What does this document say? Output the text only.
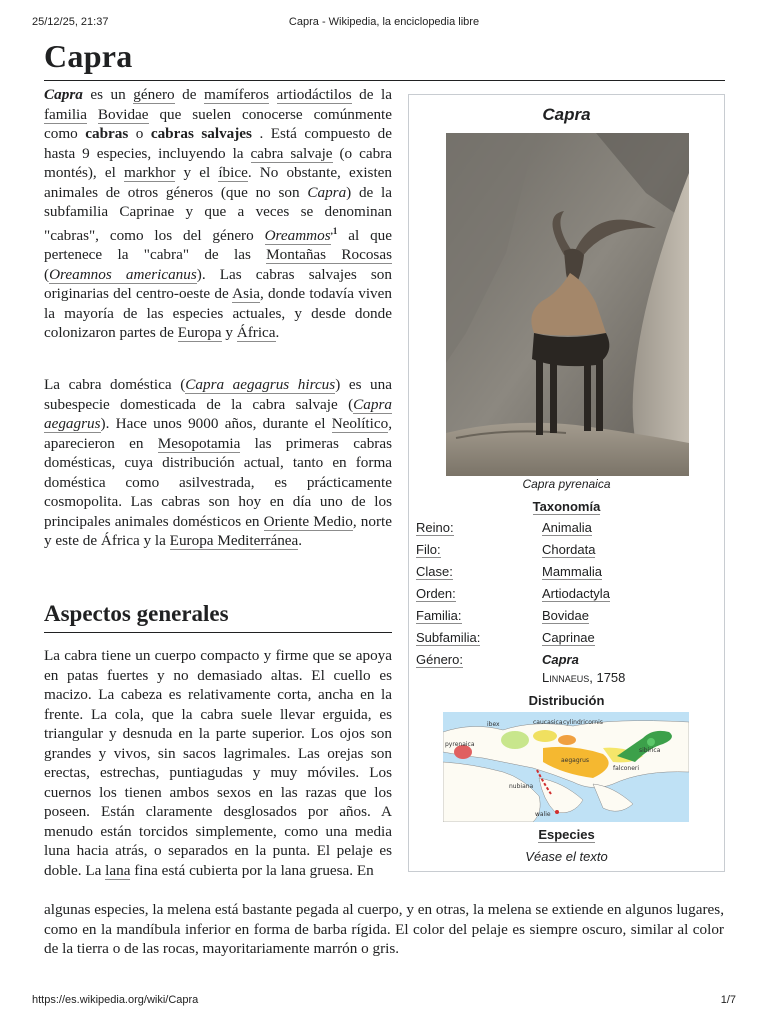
25/12/25, 21:37	Capra - Wikipedia, la enciclopedia libre
Capra

Capra es un género de mamíferos artiodáctilos de la familia Bovidae que suelen conocerse comúnmente como cabras o cabras salvajes . Está compuesto de hasta 9 especies, incluyendo la cabra salvaje (o cabra montés), el markhor y el íbice. No obstante, existen animales de otros géneros (que no son Capra) de la subfamilia Caprinae y que a veces se denominan "cabras", como los del género Oreammos$^{,1}$ al que pertenece la "cabra" de las Montañas Rocosas (Oreamnos americanus). Las cabras salvajes son originarias del centro-oeste de Asia, donde todavía viven la mayoría de las especies actuales, y desde donde colonizaron partes de Europa y África.

La cabra doméstica (Capra aegagrus hircus) es una subespecie domesticada de la cabra salvaje (Capra aegagrus). Hace unos 9000 años, durante el Neolítico, aparecieron en Mesopotamia las primeras cabras domésticas, cuya distribución actual, tanto en forma doméstica como asilvestrada, es prácticamente cosmopolita. Las cabras son hoy en día uno de los principales animales domésticos en Oriente Medio, norte y este de África y la Europa Mediterránea.

Aspectos generales

La cabra tiene un cuerpo compacto y firme que se apoya en patas fuertes y no demasiado altas. El cuello es macizo. La cabeza es relativamente corta, ancha en la frente. La cola, que la cabra suele llevar erguida, es triangular y desnuda en la parte superior. Los ojos son grandes y vivos, sin sacos lagrimales. Las orejas son erectas, estrechas, puntiagudas y muy móviles. Los cuernos los tienen ambos sexos en las razas que los poseen. Están claramente desglosados por años. A menudo están torcidos simplemente, como una media luna hacia atrás, o separados en la punta. El pelaje es doble. La lana fina está cubierta por la lana gruesa. En

algunas especies, la melena está bastante pegada al cuerpo, y en otras, la melena se extiende en algunos lugares, como en la mandíbula inferior en forma de barba rígida. El color del pelaje es siempre oscuro, similar al color de la tierra o de las rocas, mayoritariamente marrón o gris.

Capra
Capra pyrenaica
Taxonomía
Reino:	Animalia
Filo:	Chordata
Clase:	Mammalia
Orden:	Artiodactyla
Familia:	Bovidae
Subfamilia:	Caprinae
Género:	Capra
Linnaeus, 1758
Distribución
ibex	caucasica cylindricornis
pyrenaica
aegagrus
sibirica
falconeri
nubiana
walie
Especies
Véase el texto
https://es.wikipedia.org/wiki/Capra	1/7
